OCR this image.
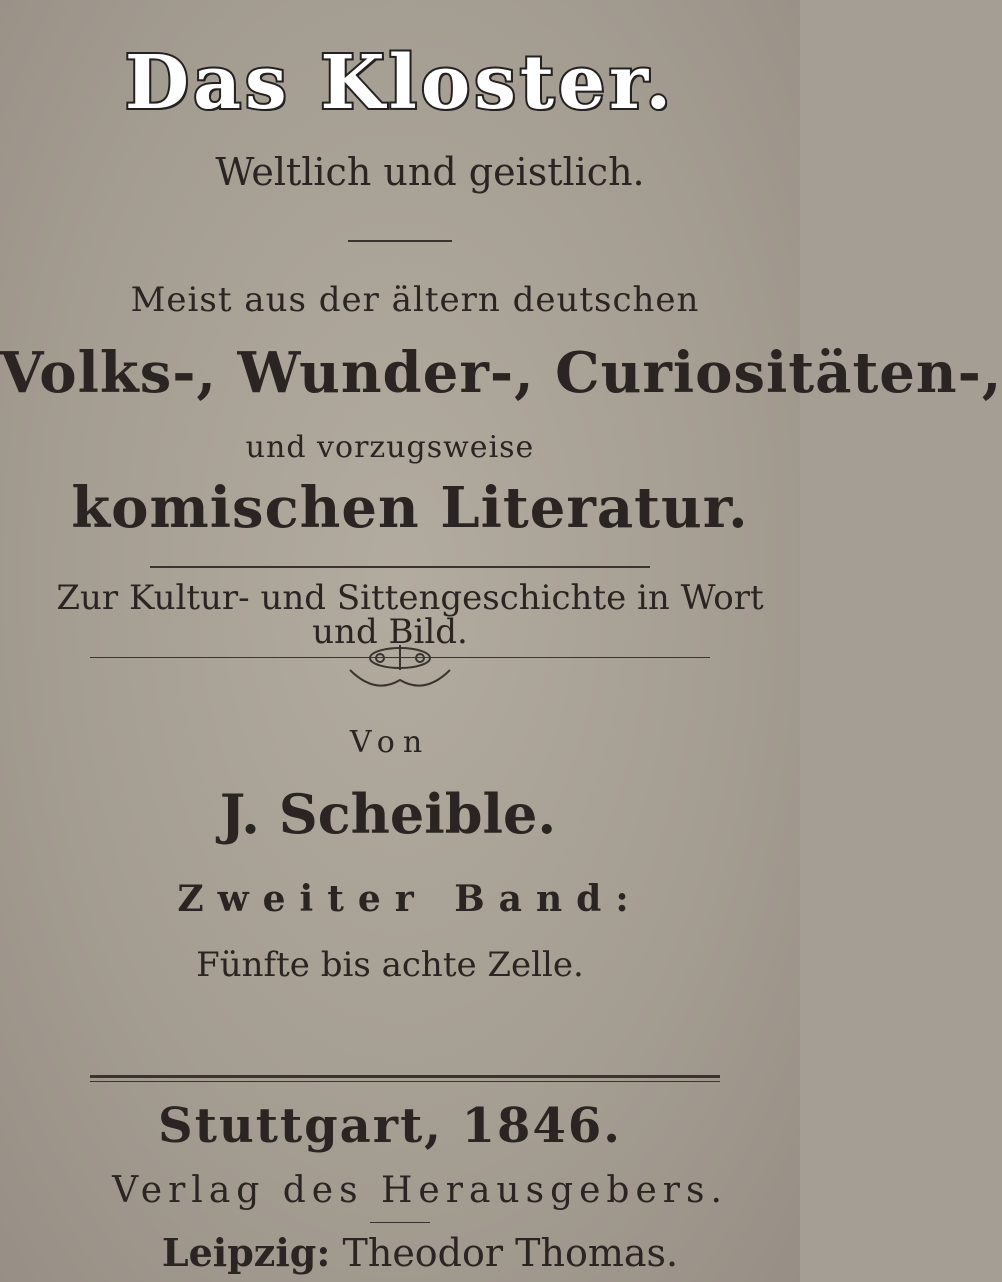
Das Kloster.
Weltlich und geistlich.
Meist aus der ältern deutschen
Volks-, Wunder-, Curiositäten-,
und vorzugsweise
komischen Literatur.
Zur Kultur- und Sittengeschichte in Wort
und Bild.
Von
J. Scheible.
Zweiter Band:
Fünfte bis achte Zelle.
Stuttgart, 1846.
Verlag des Herausgebers.
Leipzig: Theodor Thomas.
